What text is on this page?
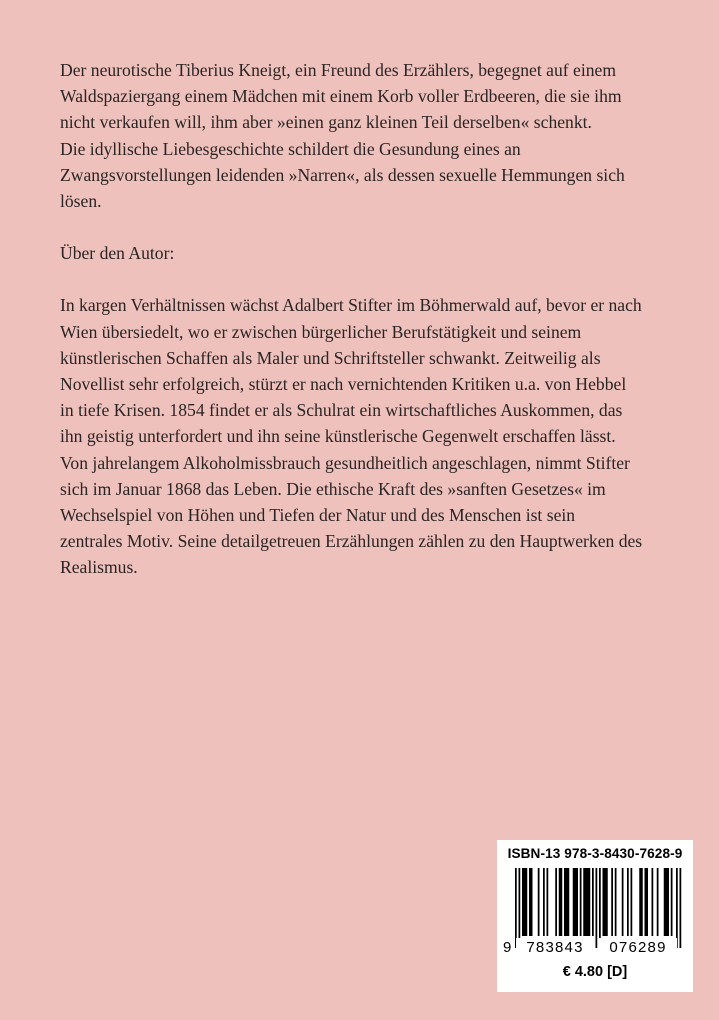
Der neurotische Tiberius Kneigt, ein Freund des Erzählers, begegnet auf einem
Waldspaziergang einem Mädchen mit einem Korb voller Erdbeeren, die sie ihm
nicht verkaufen will, ihm aber »einen ganz kleinen Teil derselben« schenkt.
Die idyllische Liebesgeschichte schildert die Gesundung eines an
Zwangsvorstellungen leidenden »Narren«, als dessen sexuelle Hemmungen sich
lösen.
Über den Autor:
In kargen Verhältnissen wächst Adalbert Stifter im Böhmerwald auf, bevor er nach
Wien übersiedelt, wo er zwischen bürgerlicher Berufstätigkeit und seinem
künstlerischen Schaffen als Maler und Schriftsteller schwankt. Zeitweilig als
Novellist sehr erfolgreich, stürzt er nach vernichtenden Kritiken u.a. von Hebbel
in tiefe Krisen. 1854 findet er als Schulrat ein wirtschaftliches Auskommen, das
ihn geistig unterfordert und ihn seine künstlerische Gegenwelt erschaffen lässt.
Von jahrelangem Alkoholmissbrauch gesundheitlich angeschlagen, nimmt Stifter
sich im Januar 1868 das Leben. Die ethische Kraft des »sanften Gesetzes« im
Wechselspiel von Höhen und Tiefen der Natur und des Menschen ist sein
zentrales Motiv. Seine detailgetreuen Erzählungen zählen zu den Hauptwerken des
Realismus.
ISBN-13 978-3-8430-7628-9
9	783843	076289
€ 4.80 [D]
